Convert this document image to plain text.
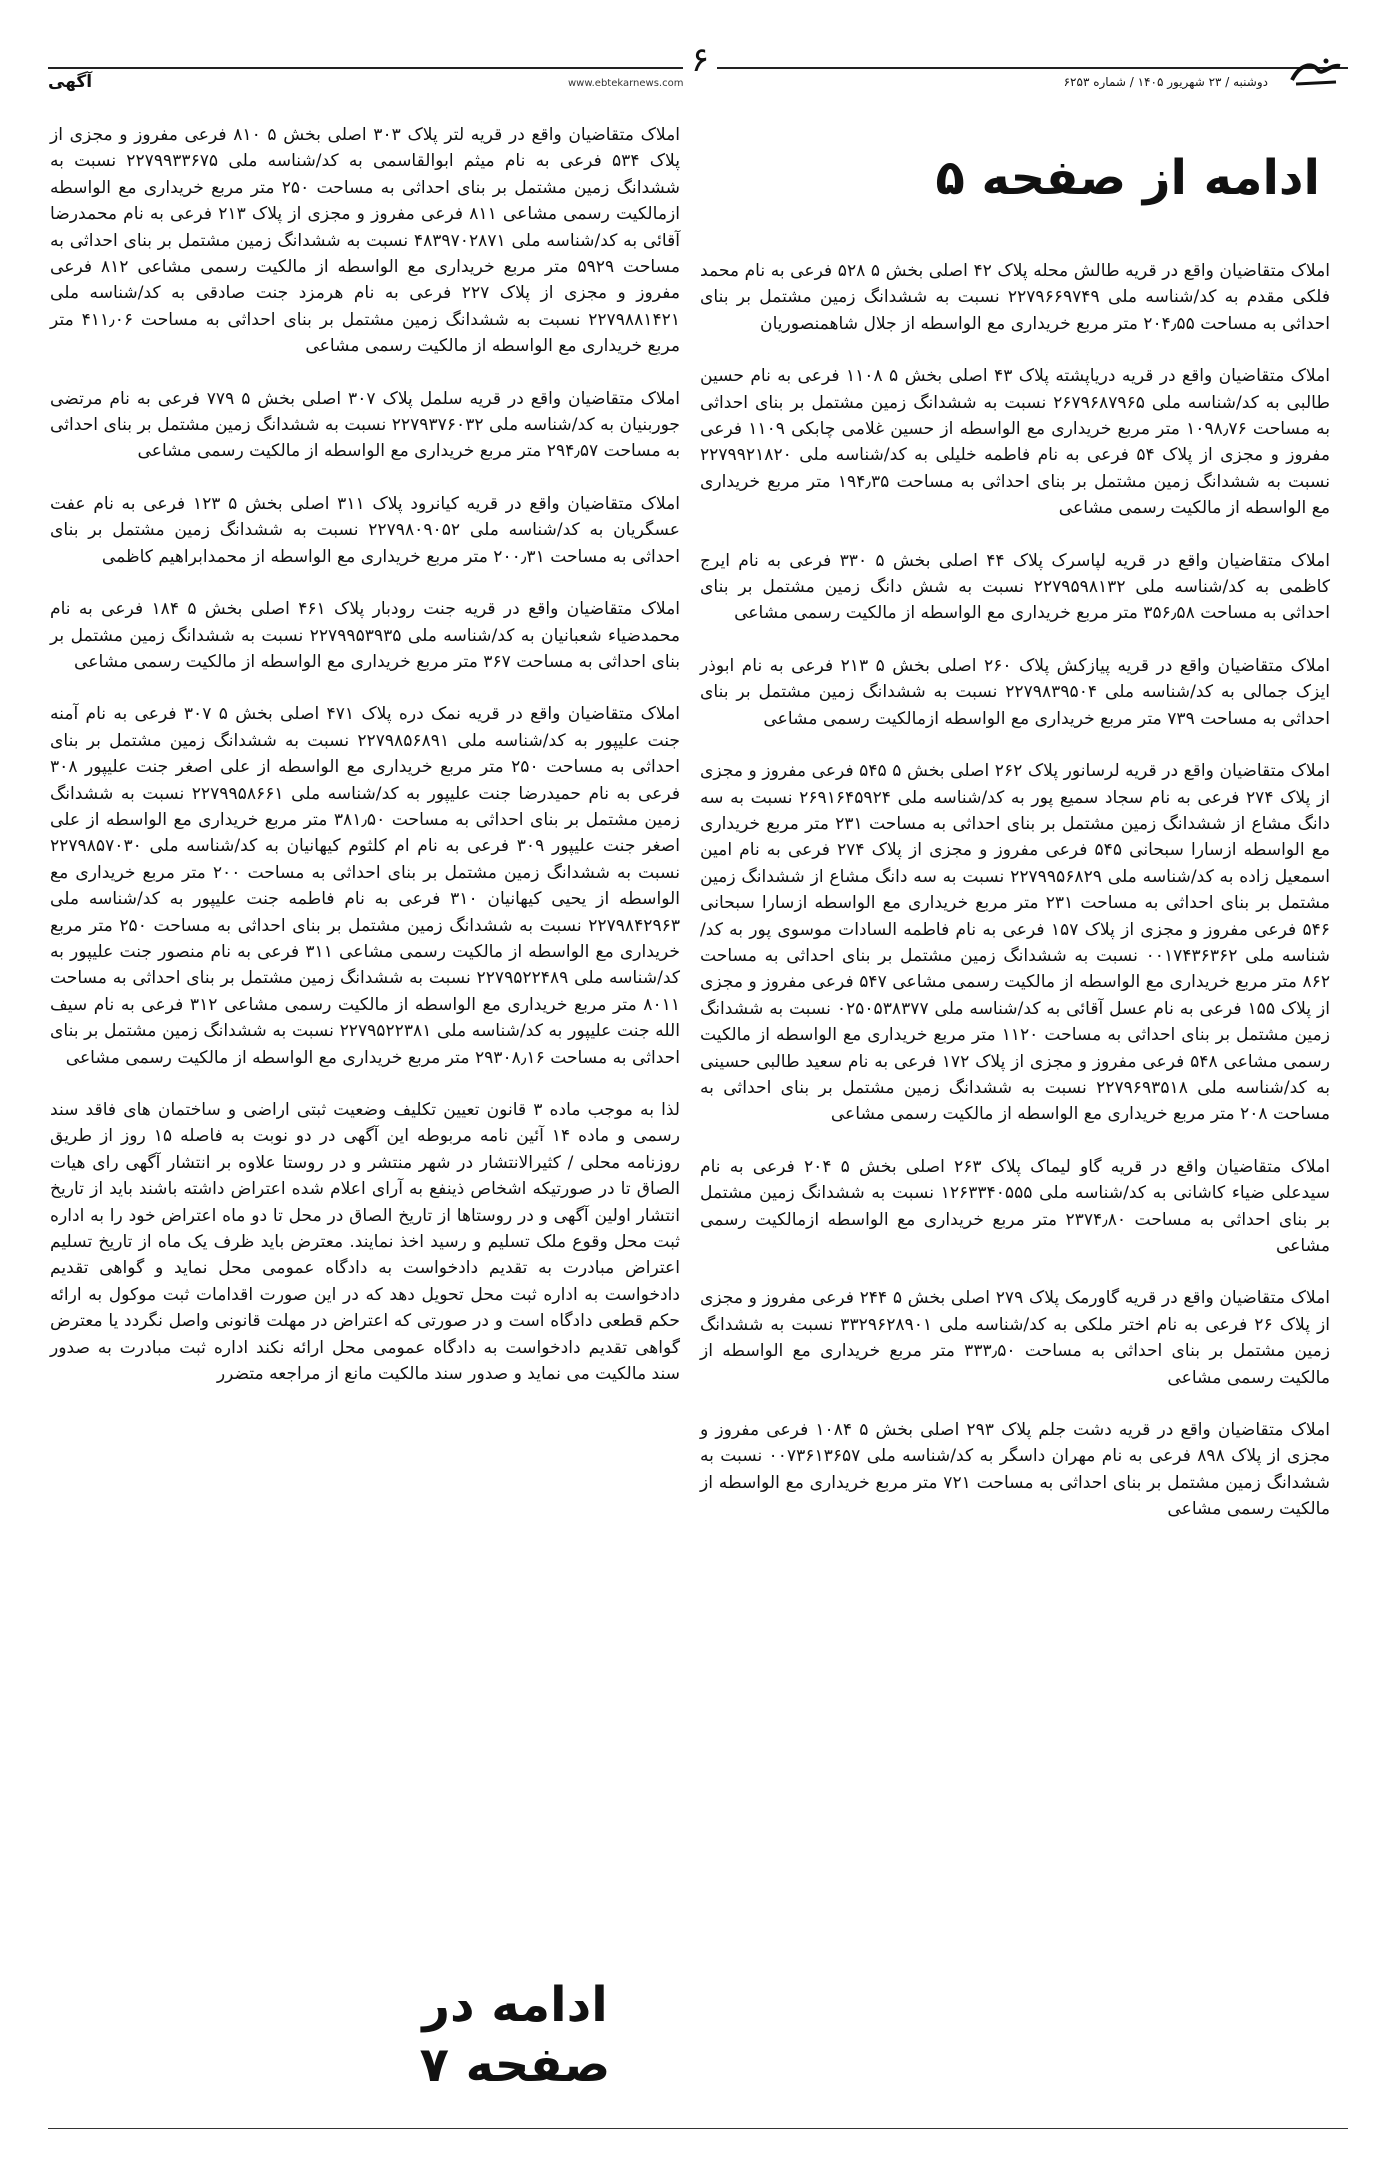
۶
آگهی	www.ebtekarnews.com	دوشنبه / ۲۳ شهریور ۱۴۰۵ / شماره ۶۲۵۳
ادامه از صفحه ۵

املاک متقاضیان واقع در قریه طالش محله پلاک ۴۲ اصلی بخش ۵ ۵۲۸ فرعی به نام محمد فلکی مقدم به کد/شناسه ملی ۲۲۷۹۶۶۹۷۴۹ نسبت به ششدانگ زمین مشتمل بر بنای احداثی به مساحت ۲۰۴٫۵۵ متر مربع خریداری مع الواسطه از جلال شاهمنصوریان

املاک متقاضیان واقع در قریه دریاپشته پلاک ۴۳ اصلی بخش ۵ ۱۱۰۸ فرعی به نام حسین طالبی به کد/شناسه ملی ۲۶۷۹۶۸۷۹۶۵ نسبت به ششدانگ زمین مشتمل بر بنای احداثی به مساحت ۱۰۹۸٫۷۶ متر مربع خریداری مع الواسطه از حسین غلامی چابکی ۱۱۰۹ فرعی مفروز و مجزی از پلاک ۵۴ فرعی به نام فاطمه خلیلی به کد/شناسه ملی ۲۲۷۹۹۲۱۸۲۰ نسبت به ششدانگ زمین مشتمل بر بنای احداثی به مساحت ۱۹۴٫۳۵ متر مربع خریداری مع الواسطه از مالکیت رسمی مشاعی

املاک متقاضیان واقع در قریه لپاسرک پلاک ۴۴ اصلی بخش ۵ ۳۳۰ فرعی به نام ایرج کاظمی به کد/شناسه ملی ۲۲۷۹۵۹۸۱۳۲ نسبت به شش دانگ زمین مشتمل بر بنای احداثی به مساحت ۳۵۶٫۵۸ متر مربع خریداری مع الواسطه از مالکیت رسمی مشاعی

املاک متقاضیان واقع در قریه پیازکش پلاک ۲۶۰ اصلی بخش ۵ ۲۱۳ فرعی به نام ابوذر ایزک جمالی به کد/شناسه ملی ۲۲۷۹۸۳۹۵۰۴ نسبت به ششدانگ زمین مشتمل بر بنای احداثی به مساحت ۷۳۹ متر مربع خریداری مع الواسطه ازمالکیت رسمی مشاعی

املاک متقاضیان واقع در قریه لرسانور پلاک ۲۶۲ اصلی بخش ۵ ۵۴۵ فرعی مفروز و مجزی از پلاک ۲۷۴ فرعی به نام سجاد سمیع پور به کد/شناسه ملی ۲۶۹۱۶۴۵۹۲۴ نسبت به سه دانگ مشاع از ششدانگ زمین مشتمل بر بنای احداثی به مساحت ۲۳۱ متر مربع خریداری مع الواسطه ازسارا سبحانی ۵۴۵ فرعی مفروز و مجزی از پلاک ۲۷۴ فرعی به نام امین اسمعیل زاده به کد/شناسه ملی ۲۲۷۹۹۵۶۸۲۹ نسبت به سه دانگ مشاع از ششدانگ زمین مشتمل بر بنای احداثی به مساحت ۲۳۱ متر مربع خریداری مع الواسطه ازسارا سبحانی ۵۴۶ فرعی مفروز و مجزی از پلاک ۱۵۷ فرعی به نام فاطمه السادات موسوی پور به کد/شناسه ملی ۰۰۱۷۴۳۶۳۶۲ نسبت به ششدانگ زمین مشتمل بر بنای احداثی به مساحت ۸۶۲ متر مربع خریداری مع الواسطه از مالکیت رسمی مشاعی ۵۴۷ فرعی مفروز و مجزی از پلاک ۱۵۵ فرعی به نام عسل آقائی به کد/شناسه ملی ۰۲۵۰۵۳۸۳۷۷ نسبت به ششدانگ زمین مشتمل بر بنای احداثی به مساحت ۱۱۲۰ متر مربع خریداری مع الواسطه از مالکیت رسمی مشاعی ۵۴۸ فرعی مفروز و مجزی از پلاک ۱۷۲ فرعی به نام سعید طالبی حسینی به کد/شناسه ملی ۲۲۷۹۶۹۳۵۱۸ نسبت به ششدانگ زمین مشتمل بر بنای احداثی به مساحت ۲۰۸ متر مربع خریداری مع الواسطه از مالکیت رسمی مشاعی

املاک متقاضیان واقع در قریه گاو لیماک پلاک ۲۶۳ اصلی بخش ۵ ۲۰۴ فرعی به نام سیدعلی ضیاء کاشانی به کد/شناسه ملی ۱۲۶۳۳۴۰۵۵۵ نسبت به ششدانگ زمین مشتمل بر بنای احداثی به مساحت ۲۳۷۴٫۸۰ متر مربع خریداری مع الواسطه ازمالکیت رسمی مشاعی

املاک متقاضیان واقع در قریه گاورمک پلاک ۲۷۹ اصلی بخش ۵ ۲۴۴ فرعی مفروز و مجزی از پلاک ۲۶ فرعی به نام اختر ملکی به کد/شناسه ملی ۳۳۲۹۶۲۸۹۰۱ نسبت به ششدانگ زمین مشتمل بر بنای احداثی به مساحت ۳۳۳٫۵۰ متر مربع خریداری مع الواسطه از مالکیت رسمی مشاعی

املاک متقاضیان واقع در قریه دشت جلم پلاک ۲۹۳ اصلی بخش ۵ ۱۰۸۴ فرعی مفروز و مجزی از پلاک ۸۹۸ فرعی به نام مهران داسگر به کد/شناسه ملی ۰۰۷۳۶۱۳۶۵۷ نسبت به ششدانگ زمین مشتمل بر بنای احداثی به مساحت ۷۲۱ متر مربع خریداری مع الواسطه از مالکیت رسمی مشاعی

املاک متقاضیان واقع در قریه لتر پلاک ۳۰۳ اصلی بخش ۵ ۸۱۰ فرعی مفروز و مجزی از پلاک ۵۳۴ فرعی به نام میثم ابوالقاسمی به کد/شناسه ملی ۲۲۷۹۹۳۳۶۷۵ نسبت به ششدانگ زمین مشتمل بر بنای احداثی به مساحت ۲۵۰ متر مربع خریداری مع الواسطه ازمالکیت رسمی مشاعی ۸۱۱ فرعی مفروز و مجزی از پلاک ۲۱۳ فرعی به نام محمدرضا آقائی به کد/شناسه ملی ۴۸۳۹۷۰۲۸۷۱ نسبت به ششدانگ زمین مشتمل بر بنای احداثی به مساحت ۵۹۲۹ متر مربع خریداری مع الواسطه از مالکیت رسمی مشاعی ۸۱۲ فرعی مفروز و مجزی از پلاک ۲۲۷ فرعی به نام هرمزد جنت صادقی به کد/شناسه ملی ۲۲۷۹۸۸۱۴۲۱ نسبت به ششدانگ زمین مشتمل بر بنای احداثی به مساحت ۴۱۱٫۰۶ متر مربع خریداری مع الواسطه از مالکیت رسمی مشاعی

املاک متقاضیان واقع در قریه سلمل پلاک ۳۰۷ اصلی بخش ۵ ۷۷۹ فرعی به نام مرتضی جوربنیان به کد/شناسه ملی ۲۲۷۹۳۷۶۰۳۲ نسبت به ششدانگ زمین مشتمل بر بنای احداثی به مساحت ۲۹۴٫۵۷ متر مربع خریداری مع الواسطه از مالکیت رسمی مشاعی

املاک متقاضیان واقع در قریه کیانرود پلاک ۳۱۱ اصلی بخش ۵ ۱۲۳ فرعی به نام عفت عسگریان به کد/شناسه ملی ۲۲۷۹۸۰۹۰۵۲ نسبت به ششدانگ زمین مشتمل بر بنای احداثی به مساحت ۲۰۰٫۳۱ متر مربع خریداری مع الواسطه از محمدابراهیم کاظمی

املاک متقاضیان واقع در قریه جنت رودبار پلاک ۴۶۱ اصلی بخش ۵ ۱۸۴ فرعی به نام محمدضیاء شعبانیان به کد/شناسه ملی ۲۲۷۹۹۵۳۹۳۵ نسبت به ششدانگ زمین مشتمل بر بنای احداثی به مساحت ۳۶۷ متر مربع خریداری مع الواسطه از مالکیت رسمی مشاعی

املاک متقاضیان واقع در قریه نمک دره پلاک ۴۷۱ اصلی بخش ۵ ۳۰۷ فرعی به نام آمنه جنت علیپور به کد/شناسه ملی ۲۲۷۹۸۵۶۸۹۱ نسبت به ششدانگ زمین مشتمل بر بنای احداثی به مساحت ۲۵۰ متر مربع خریداری مع الواسطه از علی اصغر جنت علیپور ۳۰۸ فرعی به نام حمیدرضا جنت علیپور به کد/شناسه ملی ۲۲۷۹۹۵۸۶۶۱ نسبت به ششدانگ زمین مشتمل بر بنای احداثی به مساحت ۳۸۱٫۵۰ متر مربع خریداری مع الواسطه از علی اصغر جنت علیپور ۳۰۹ فرعی به نام ام کلثوم کیهانیان به کد/شناسه ملی ۲۲۷۹۸۵۷۰۳۰ نسبت به ششدانگ زمین مشتمل بر بنای احداثی به مساحت ۲۰۰ متر مربع خریداری مع الواسطه از یحیی کیهانیان ۳۱۰ فرعی به نام فاطمه جنت علیپور به کد/شناسه ملی ۲۲۷۹۸۴۲۹۶۳ نسبت به ششدانگ زمین مشتمل بر بنای احداثی به مساحت ۲۵۰ متر مربع خریداری مع الواسطه از مالکیت رسمی مشاعی ۳۱۱ فرعی به نام منصور جنت علیپور به کد/شناسه ملی ۲۲۷۹۵۲۲۴۸۹ نسبت به ششدانگ زمین مشتمل بر بنای احداثی به مساحت ۸۰۱۱ متر مربع خریداری مع الواسطه از مالکیت رسمی مشاعی ۳۱۲ فرعی به نام سیف الله جنت علیپور به کد/شناسه ملی ۲۲۷۹۵۲۲۳۸۱ نسبت به ششدانگ زمین مشتمل بر بنای احداثی به مساحت ۲۹۳۰۸٫۱۶ متر مربع خریداری مع الواسطه از مالکیت رسمی مشاعی

لذا به موجب ماده ۳ قانون تعیین تکلیف وضعیت ثبتی اراضی و ساختمان های فاقد سند رسمی و ماده ۱۴ آئین نامه مربوطه این آگهی در دو نوبت به فاصله ۱۵ روز از طریق روزنامه محلی / کثیرالانتشار در شهر منتشر و در روستا علاوه بر انتشار آگهی رای هیات الصاق تا در صورتیکه اشخاص ذینفع به آرای اعلام شده اعتراض داشته باشند باید از تاریخ انتشار اولین آگهی و در روستاها از تاریخ الصاق در محل تا دو ماه اعتراض خود را به اداره ثبت محل وقوع ملک تسلیم و رسید اخذ نمایند. معترض باید ظرف یک ماه از تاریخ تسلیم اعتراض مبادرت به تقدیم دادخواست به دادگاه عمومی محل نماید و گواهی تقدیم دادخواست به اداره ثبت محل تحویل دهد که در این صورت اقدامات ثبت موکول به ارائه حکم قطعی دادگاه است و در صورتی که اعتراض در مهلت قانونی واصل نگردد یا معترض گواهی تقدیم دادخواست به دادگاه عمومی محل ارائه نکند اداره ثبت مبادرت به صدور سند مالکیت می نماید و صدور سند مالکیت مانع از مراجعه متضرر

ادامه در صفحه ۷
